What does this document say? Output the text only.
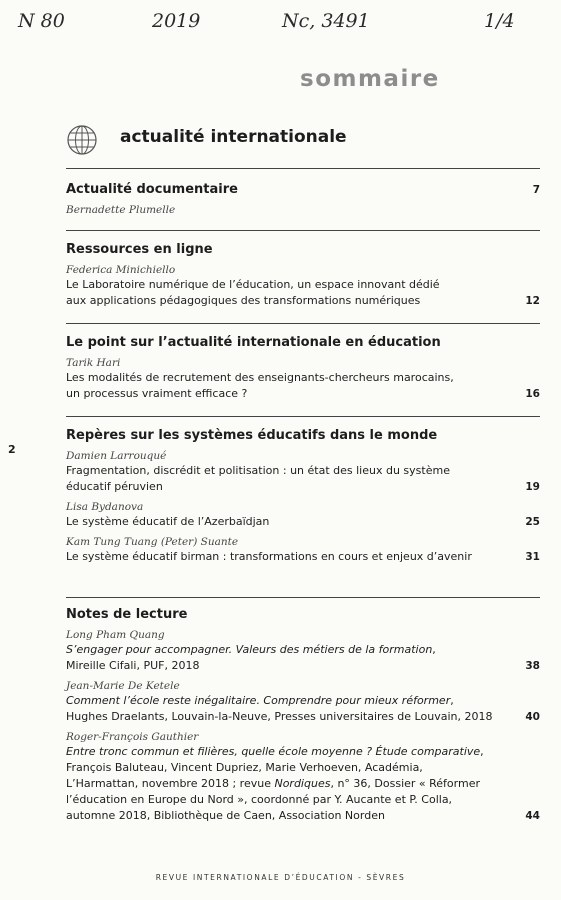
N 80	2019	Nc, 3491	1/4
sommaire
actualité internationale
2
Actualité documentaire	7
Bernadette Plumelle
Ressources en ligne
Federica Minichiello
Le Laboratoire numérique de l’éducation, un espace innovant dédié
aux applications pédagogiques des transformations numériques	12
Le point sur l’actualité internationale en éducation
Tarik Hari
Les modalités de recrutement des enseignants-chercheurs marocains,
un processus vraiment efficace ?	16
Repères sur les systèmes éducatifs dans le monde
Damien Larrouqué
Fragmentation, discrédit et politisation : un état des lieux du système
éducatif péruvien	19
Lisa Bydanova
Le système éducatif de l’Azerbaïdjan	25
Kam Tung Tuang (Peter) Suante
Le système éducatif birman : transformations en cours et enjeux d’avenir	31
Notes de lecture
Long Pham Quang
S’engager pour accompagner. Valeurs des métiers de la formation,
Mireille Cifali, PUF, 2018	38
Jean-Marie De Ketele
Comment l’école reste inégalitaire. Comprendre pour mieux réformer,
Hughes Draelants, Louvain-la-Neuve, Presses universitaires de Louvain, 2018	40
Roger-François Gauthier
Entre tronc commun et filières, quelle école moyenne ? Étude comparative,
François Baluteau, Vincent Dupriez, Marie Verhoeven, Académia,
L’Harmattan, novembre 2018 ; revue Nordiques, n° 36, Dossier « Réformer
l’éducation en Europe du Nord », coordonné par Y. Aucante et P. Colla,
automne 2018, Bibliothèque de Caen, Association Norden	44
REVUE INTERNATIONALE D’ÉDUCATION - SÈVRES
